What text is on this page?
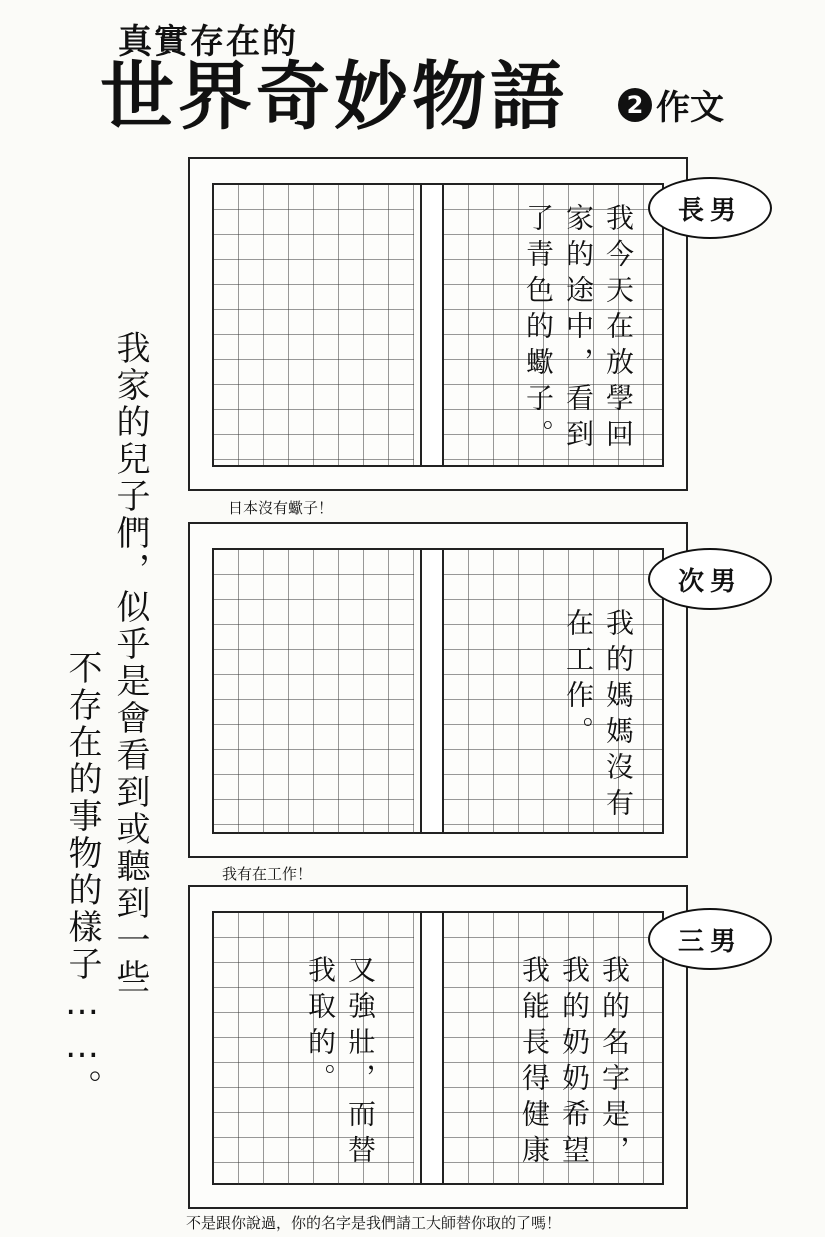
真實存在的
世界奇妙物語	2 作文
我家的兒子們，似乎是會看到或聽到一些
不存在的事物的樣子……。
我今天在放學回
家的途中，看到
了青色的蠍子。	長男
日本沒有蠍子！
我的媽媽沒有
在工作。
次男
我有在工作！
又強壯，而替
我取的。	我的名字是，
我的奶奶希望
我能長得健康
三男
不是跟你說過，你的名字是我們請工大師替你取的了嗎！
